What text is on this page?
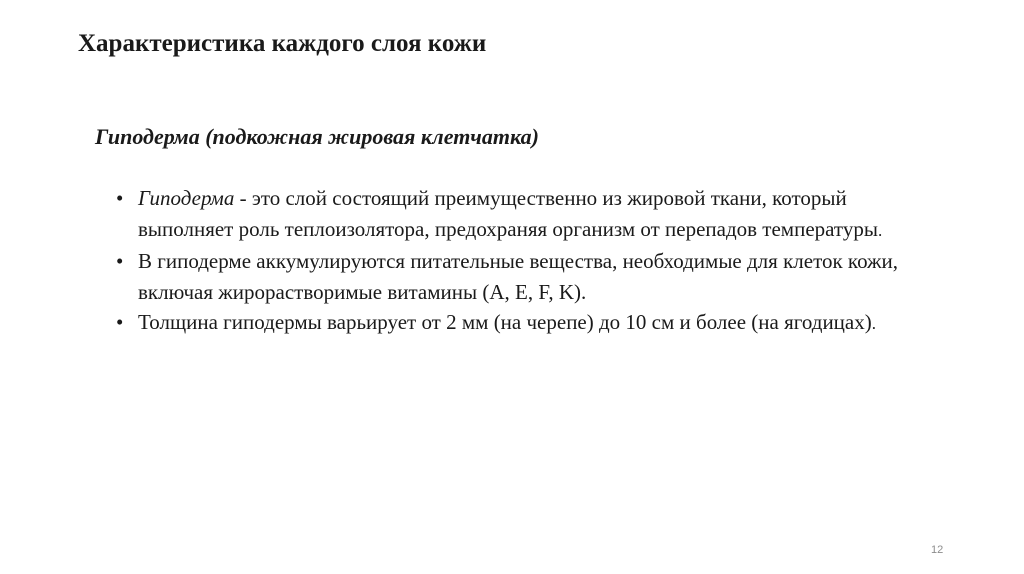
Характеристика каждого слоя кожи
Гиподерма (подкожная жировая клетчатка)
• Гиподерма - это слой состоящий преимущественно из жировой ткани, который выполняет роль теплоизолятора, предохраняя организм от перепадов температуры.
• В гиподерме аккумулируются питательные вещества, необходимые для клеток кожи, включая жирорастворимые витамины (A, E, F, K).
• Толщина гиподермы варьирует от 2 мм (на черепе) до 10 см и более (на ягодицах).
12
